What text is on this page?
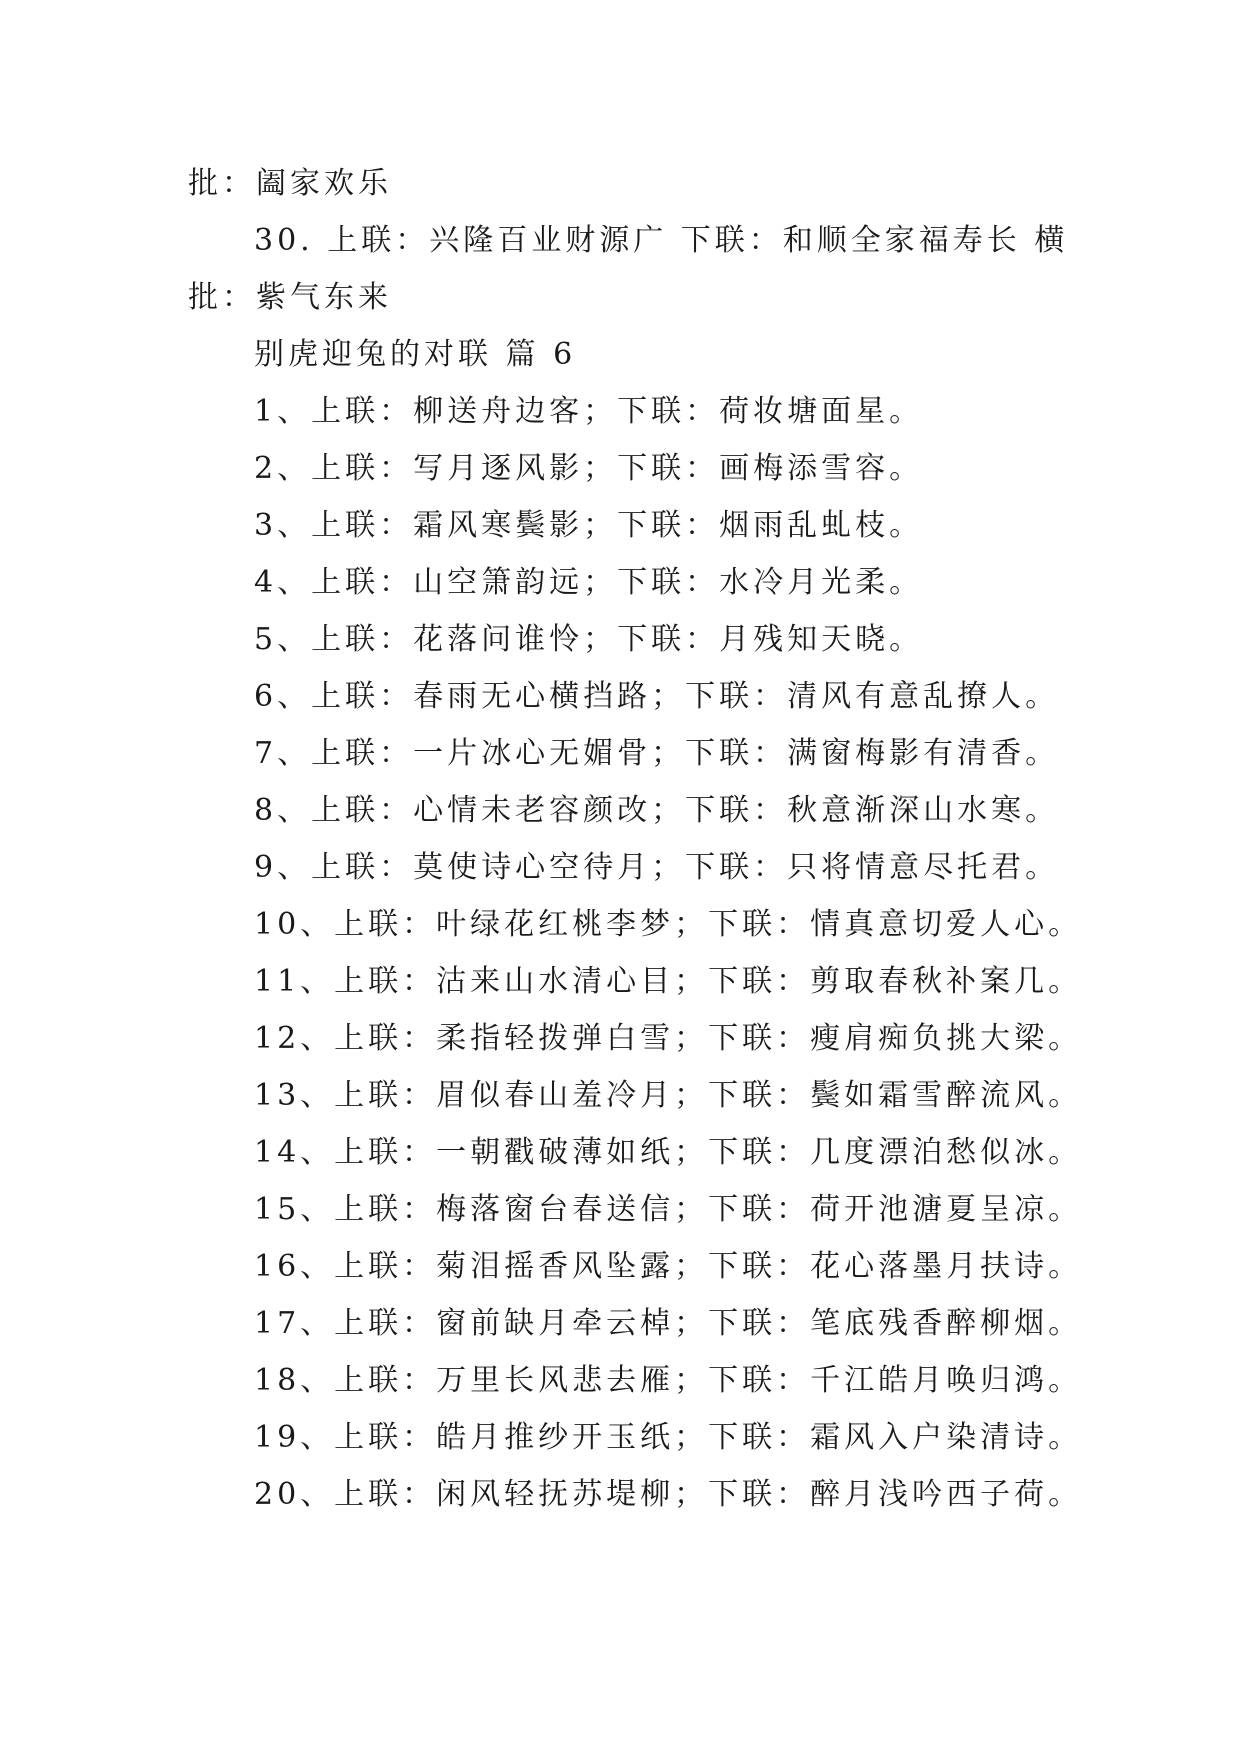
批：阖家欢乐
30. 上联：兴隆百业财源广 下联：和顺全家福寿长 横
批：紫气东来
别虎迎兔的对联 篇 6
1、上联：柳送舟边客；下联：荷妆塘面星。
2、上联：写月逐风影；下联：画梅添雪容。
3、上联：霜风寒鬓影；下联：烟雨乱虬枝。
4、上联：山空箫韵远；下联：水冷月光柔。
5、上联：花落问谁怜；下联：月残知天晓。
6、上联：春雨无心横挡路；下联：清风有意乱撩人。
7、上联：一片冰心无媚骨；下联：满窗梅影有清香。
8、上联：心情未老容颜改；下联：秋意渐深山水寒。
9、上联：莫使诗心空待月；下联：只将情意尽托君。
10、上联：叶绿花红桃李梦；下联：情真意切爱人心。
11、上联：沽来山水清心目；下联：剪取春秋补案几。
12、上联：柔指轻拨弹白雪；下联：瘦肩痴负挑大梁。
13、上联：眉似春山羞冷月；下联：鬓如霜雪醉流风。
14、上联：一朝戳破薄如纸；下联：几度漂泊愁似冰。
15、上联：梅落窗台春送信；下联：荷开池溏夏呈凉。
16、上联：菊泪摇香风坠露；下联：花心落墨月扶诗。
17、上联：窗前缺月牵云棹；下联：笔底残香醉柳烟。
18、上联：万里长风悲去雁；下联：千江皓月唤归鸿。
19、上联：皓月推纱开玉纸；下联：霜风入户染清诗。
20、上联：闲风轻抚苏堤柳；下联：醉月浅吟西子荷。
